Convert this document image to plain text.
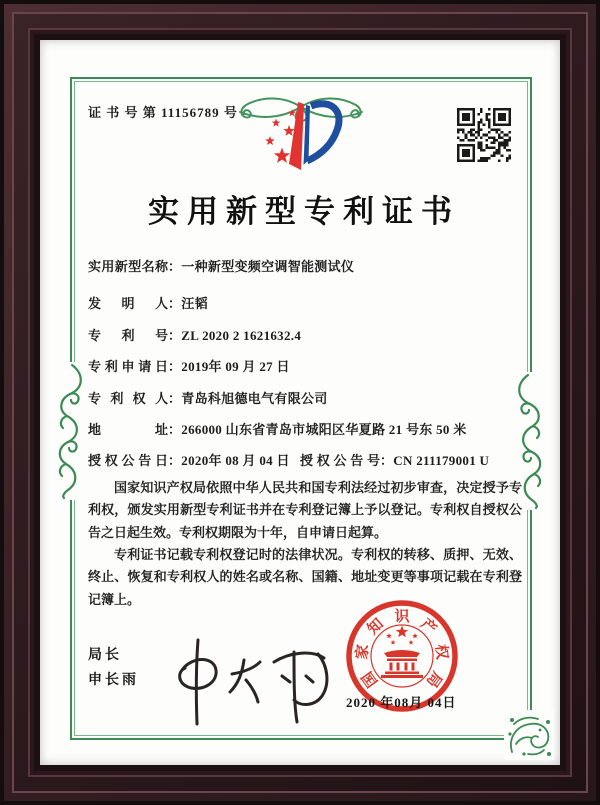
证 书 号 第 11156789 号
实用新型专利证书
实用新型名称：一种新型变频空调智能测试仪
发明人：汪韬
专利号：ZL 2020 2 1621632.4
专利申请日：2019年 09 月 27 日
专利权人：青岛科旭德电气有限公司
地址：266000 山东省青岛市城阳区华夏路 21 号东 50 米
授权公告日：2020年 08 月 04 日 授权公告号：CN 211179001 U

国家知识产权局依照中华人民共和国专利法经过初步审查，决定授予专利权，颁发实用新型专利证书并在专利登记簿上予以登记。专利权自授权公告之日起生效。专利权期限为十年，自申请日起算。

专利证书记载专利权登记时的法律状况。专利权的转移、质押、无效、终止、恢复和专利权人的姓名或名称、国籍、地址变更等事项记载在专利登记簿上。

局长
申长雨	国
家
知 识 产
权
局
2020 年08月 04日
